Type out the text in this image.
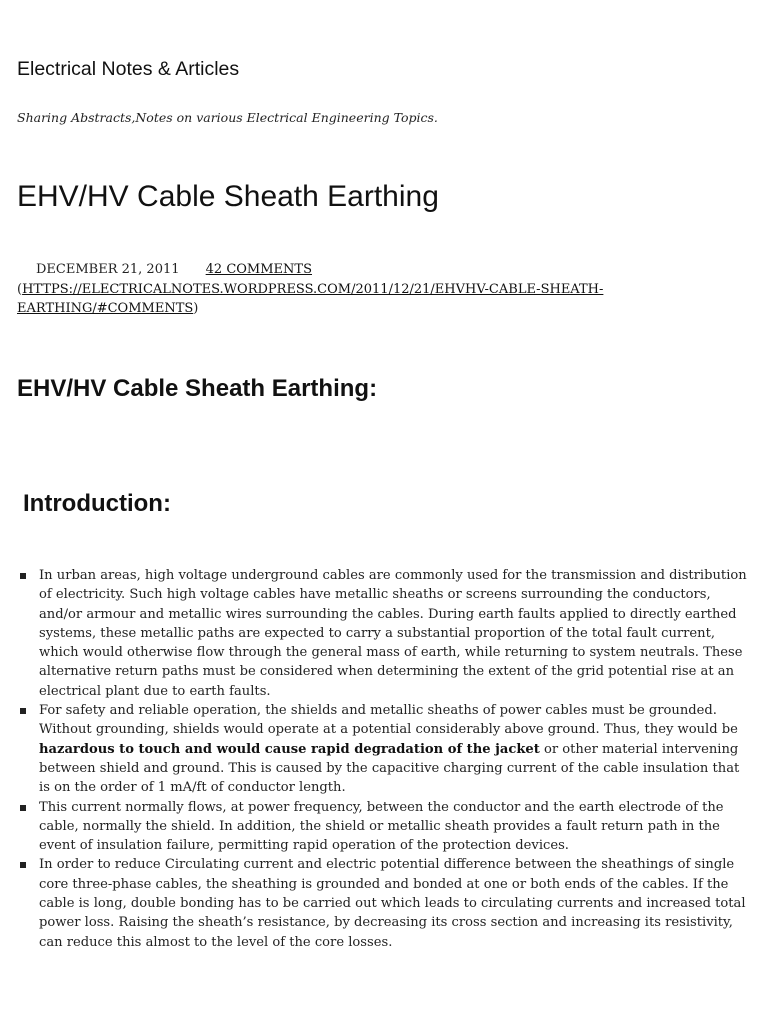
Electrical Notes & Articles

Sharing Abstracts,Notes on various Electrical Engineering Topics.

EHV/HV Cable Sheath Earthing
DECEMBER 21, 2011 42 COMMENTS
(HTTPS://ELECTRICALNOTES.WORDPRESS.COM/2011/12/21/EHVHV-CABLE-SHEATH-EARTHING/#COMMENTS)
EHV/HV Cable Sheath Earthing:
Introduction:
In urban areas, high voltage underground cables are commonly used for the transmission and distribution of electricity. Such high voltage cables have metallic sheaths or screens surrounding the conductors, and/or armour and metallic wires surrounding the cables. During earth faults applied to directly earthed systems, these metallic paths are expected to carry a substantial proportion of the total fault current, which would otherwise flow through the general mass of earth, while returning to system neutrals. These alternative return paths must be considered when determining the extent of the grid potential rise at an electrical plant due to earth faults.
For safety and reliable operation, the shields and metallic sheaths of power cables must be grounded. Without grounding, shields would operate at a potential considerably above ground. Thus, they would be hazardous to touch and would cause rapid degradation of the jacket or other material intervening between shield and ground. This is caused by the capacitive charging current of the cable insulation that is on the order of 1 mA/ft of conductor length.
This current normally flows, at power frequency, between the conductor and the earth electrode of the cable, normally the shield. In addition, the shield or metallic sheath provides a fault return path in the event of insulation failure, permitting rapid operation of the protection devices.
In order to reduce Circulating current and electric potential difference between the sheathings of single core three-phase cables, the sheathing is grounded and bonded at one or both ends of the cables. If the cable is long, double bonding has to be carried out which leads to circulating currents and increased total power loss. Raising the sheath’s resistance, by decreasing its cross section and increasing its resistivity, can reduce this almost to the level of the core losses.
